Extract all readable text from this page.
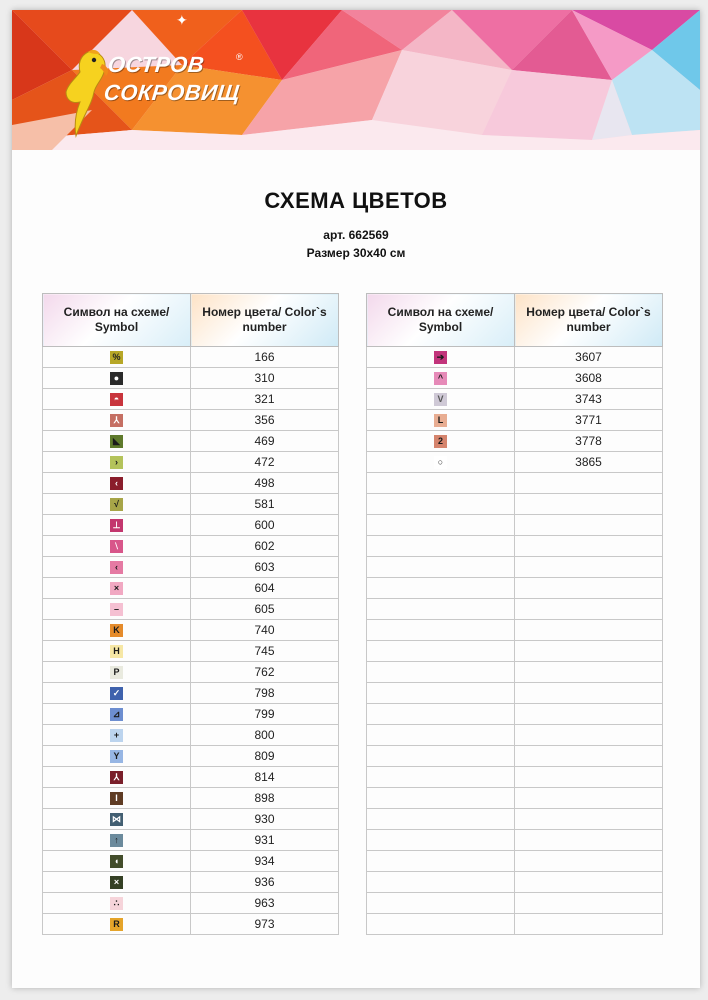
ОСТРОВ
СОКРОВИЩ
®
✦
СХЕМА ЦВЕТОВ
арт. 662569
Размер 30х40 см
Символ на схеме/ Symbol	Номер цвета/ Color`s number
%	166
●	310
◓	321
⅄	356
◣	469
›	472
‹	498
√	581
⊥	600
⧵	602
‹	603
×	604
–	605
K	740
H	745
P	762
✓	798
⊿	799
+	800
Y	809
⅄	814
I	898
⋈	930
↑	931
◖	934
×	936
∴	963
R	973
Символ на схеме/ Symbol	Номер цвета/ Color`s number
➔	3607
^	3608
V	3743
L	3771
2	3778
○	3865
